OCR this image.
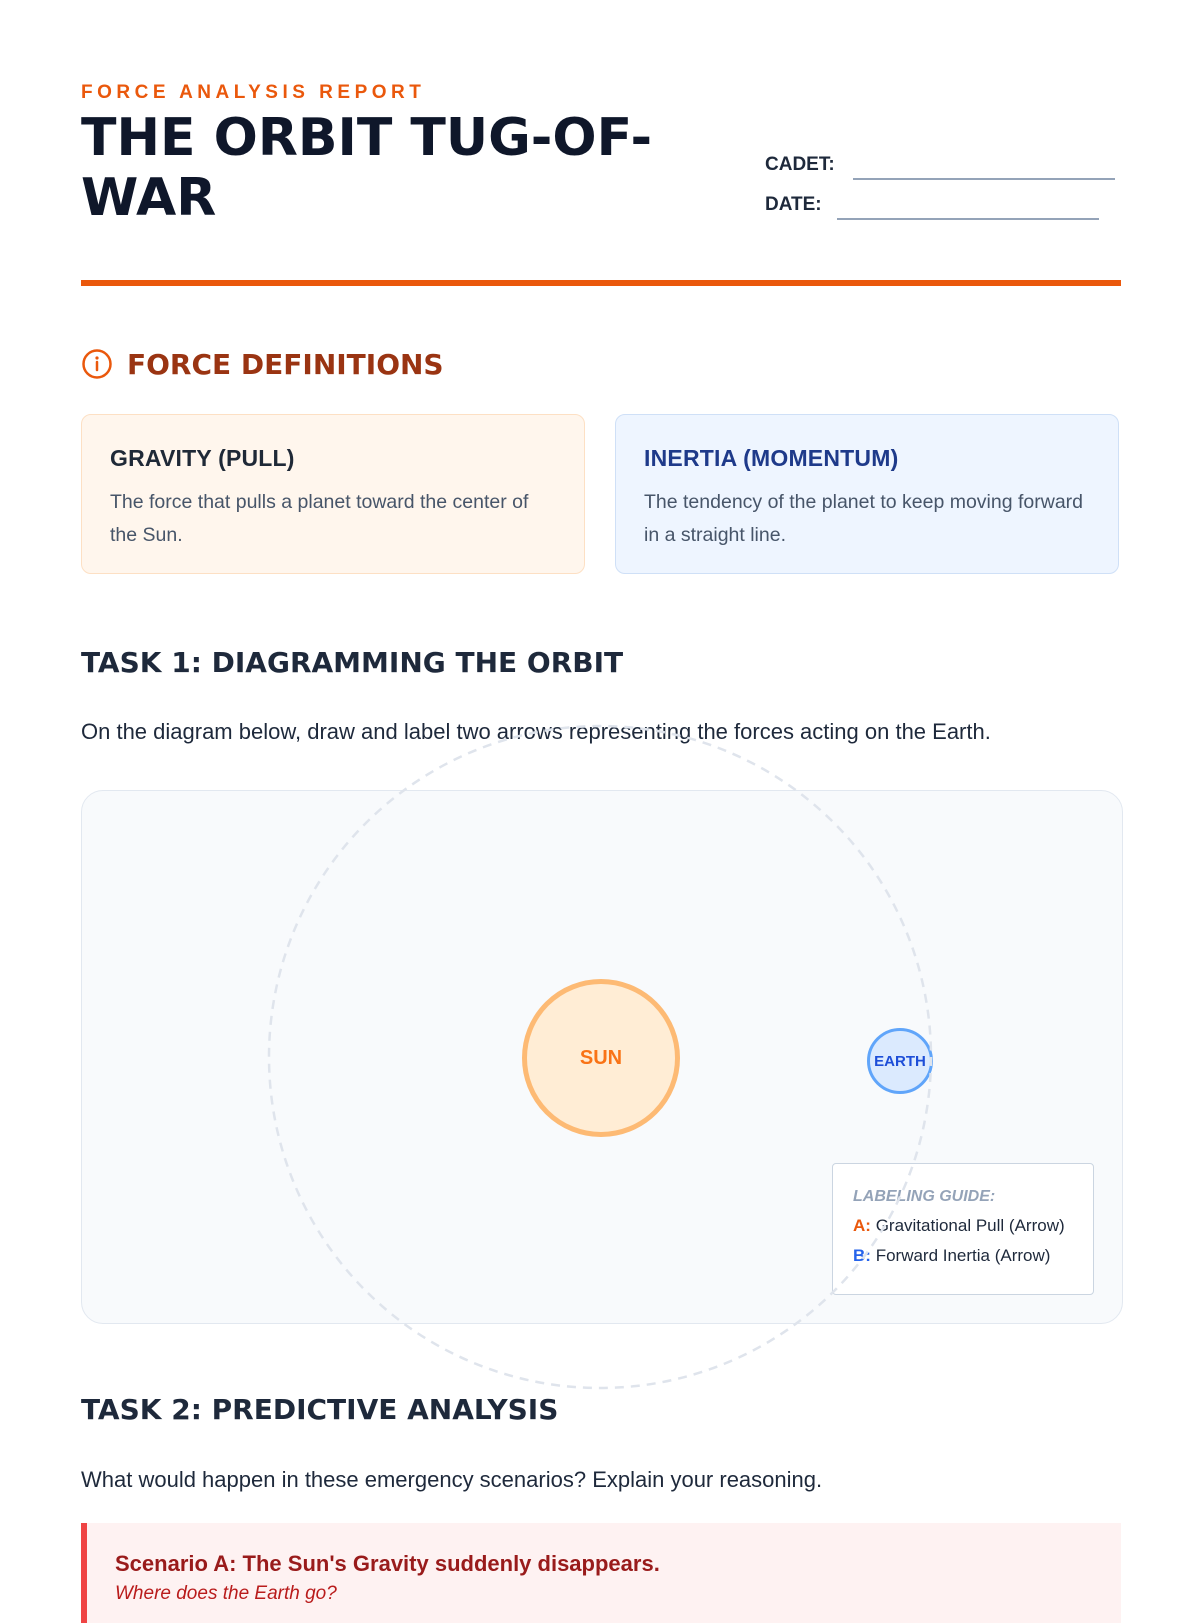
FORCE ANALYSIS REPORT
THE ORBIT TUG-OF-WAR
CADET:
DATE:
FORCE DEFINITIONS
GRAVITY (PULL)
The force that pulls a planet toward the center of the Sun.
INERTIA (MOMENTUM)
The tendency of the planet to keep moving forward in a straight line.
TASK 1: DIAGRAMMING THE ORBIT
On the diagram below, draw and label two arrows representing the forces acting on the Earth.
SUN	EARTH
LABELING GUIDE:
A: Gravitational Pull (Arrow)
B: Forward Inertia (Arrow)
TASK 2: PREDICTIVE ANALYSIS
What would happen in these emergency scenarios? Explain your reasoning.
Scenario A: The Sun's Gravity suddenly disappears.
Where does the Earth go?
